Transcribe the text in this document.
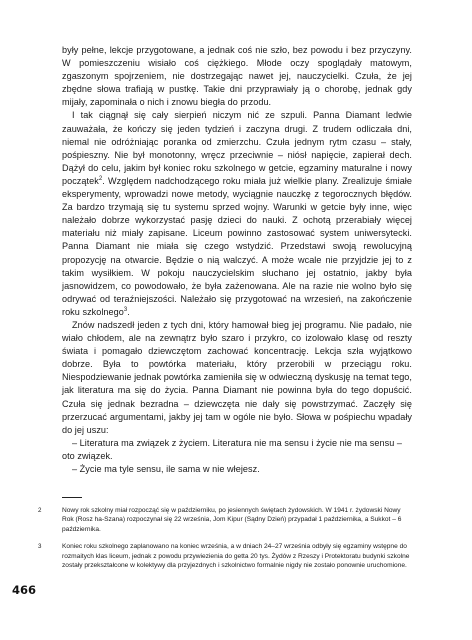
były pełne, lekcje przygotowane, a jednak coś nie szło, bez powodu i bez przyczyny. W pomieszczeniu wisiało coś ciężkiego. Młode oczy spoglądały matowym, zgaszonym spojrzeniem, nie dostrzegając nawet jej, nauczycielki. Czuła, że jej zbędne słowa trafiają w pustkę. Takie dni przyprawiały ją o chorobę, jednak gdy mijały, zapominała o nich i znowu biegła do przodu.

I tak ciągnął się cały sierpień niczym nić ze szpuli. Panna Diamant ledwie zauważała, że kończy się jeden tydzień i zaczyna drugi. Z trudem odliczała dni, niemal nie odróżniając poranka od zmierzchu. Czuła jednym rytm czasu – stały, pośpieszny. Nie był monotonny, wręcz przeciwnie – niósł napięcie, zapierał dech. Dążył do celu, jakim był koniec roku szkolnego w getcie, egzaminy maturalne i nowy początek$^2$. Względem nadchodzącego roku miała już wielkie plany. Zrealizuje śmiałe eksperymenty, wprowadzi nowe metody, wyciągnie nauczkę z tegorocznych błędów. Za bardzo trzymają się tu systemu sprzed wojny. Warunki w getcie były inne, więc należało dobrze wykorzystać pasję dzieci do nauki. Z ochotą przerabiały więcej materiału niż miały zapisane. Liceum powinno zastosować system uniwersytecki. Panna Diamant nie miała się czego wstydzić. Przedstawi swoją rewolucyjną propozycję na otwarcie. Będzie o nią walczyć. A może wcale nie przyjdzie jej to z takim wysiłkiem. W pokoju nauczycielskim słuchano jej ostatnio, jakby była jasnowidzem, co powodowało, że była zażenowana. Ale na razie nie wolno było się odrywać od teraźniejszości. Należało się przygotować na wrzesień, na zakończenie roku szkolnego$^3$.

Znów nadszedł jeden z tych dni, który hamował bieg jej programu. Nie padało, nie wiało chłodem, ale na zewnątrz było szaro i przykro, co izolowało klasę od reszty świata i pomagało dziewczętom zachować koncentrację. Lekcja szła wyjątkowo dobrze. Była to powtórka materiału, który przerobili w przeciągu roku. Niespodziewanie jednak powtórka zamieniła się w odwieczną dyskusję na temat tego, jak literatura ma się do życia. Panna Diamant nie powinna była do tego dopuścić. Czuła się jednak bezradna – dziewczęta nie dały się powstrzymać. Zaczęły się przerzucać argumentami, jakby jej tam w ogóle nie było. Słowa w pośpiechu wpadały do jej uszu:

– Literatura ma związek z życiem. Literatura nie ma sensu i życie nie ma sensu – oto związek.

– Życie ma tyle sensu, ile sama w nie włejesz.

2	Nowy rok szkolny miał rozpocząć się w październiku, po jesiennych świętach żydowskich. W 1941 r. żydowski Nowy Rok (Rosz ha-Szana) rozpoczynał się 22 września, Jom Kipur (Sądny Dzień) przypadał 1 października, a Sukkot – 6 października.
3	Koniec roku szkolnego zaplanowano na koniec września, a w dniach 24–27 września odbyły się egzaminy wstępne do rozmaitych klas liceum, jednak z powodu przywiezienia do getta 20 tys. Żydów z Rzeszy i Protektoratu budynki szkolne zostały przekształcone w kolektywy dla przyjezdnych i szkolnictwo formalnie nigdy nie zostało ponownie uruchomione.
466
